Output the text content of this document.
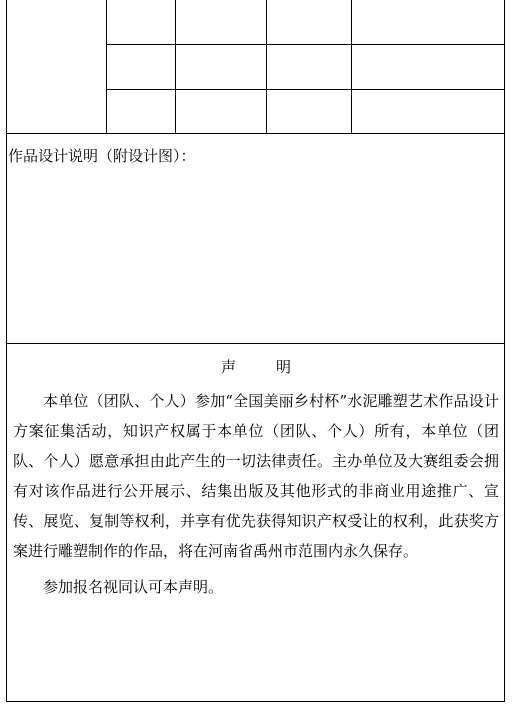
作品设计说明（附设计图）：
声明

本单位（团队、个人）参加“全国美丽乡村杯”水泥雕塑艺术作品设计方案征集活动，知识产权属于本单位（团队、个人）所有，本单位（团队、个人）愿意承担由此产生的一切法律责任。主办单位及大赛组委会拥有对该作品进行公开展示、结集出版及其他形式的非商业用途推广、宣传、展览、复制等权利，并享有优先获得知识产权受让的权利，此获奖方案进行雕塑制作的作品，将在河南省禹州市范围内永久保存。

参加报名视同认可本声明。
